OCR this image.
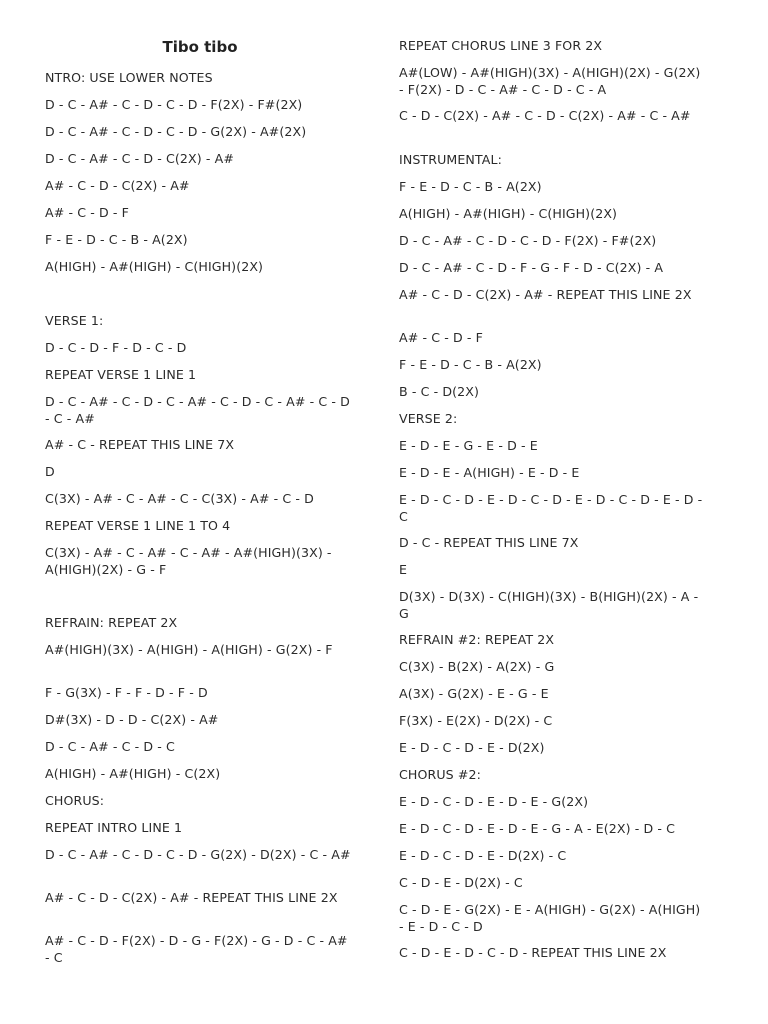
Tibo tibo
NTRO: USE LOWER NOTES
D - C - A# - C - D - C - D - F(2X) - F#(2X)
D - C - A# - C - D - C - D - G(2X) - A#(2X)
D - C - A# - C - D - C(2X) - A#
A# - C - D - C(2X) - A#
A# - C - D - F
F - E - D - C - B - A(2X)
A(HIGH) - A#(HIGH) - C(HIGH)(2X)
VERSE 1:
D - C - D - F - D - C - D
REPEAT VERSE 1 LINE 1
D - C - A# - C - D - C - A# - C - D - C - A# - C - D - C - A#
A# - C - REPEAT THIS LINE 7X
D
C(3X) - A# - C - A# - C - C(3X) - A# - C - D
REPEAT VERSE 1 LINE 1 TO 4
C(3X) - A# - C - A# - C - A# - A#(HIGH)(3X) - A(HIGH)(2X) - G - F
REFRAIN: REPEAT 2X
A#(HIGH)(3X) - A(HIGH) - A(HIGH) - G(2X) - F
F - G(3X) - F - F - D - F - D
D#(3X) - D - D - C(2X) - A#
D - C - A# - C - D - C
A(HIGH) - A#(HIGH) - C(2X)
CHORUS:
REPEAT INTRO LINE 1
D - C - A# - C - D - C - D - G(2X) - D(2X) - C - A#
A# - C - D - C(2X) - A# - REPEAT THIS LINE 2X
A# - C - D - F(2X) - D - G - F(2X) - G - D - C - A# - C
REPEAT CHORUS LINE 3 FOR 2X
A#(LOW) - A#(HIGH)(3X) - A(HIGH)(2X) - G(2X) - F(2X) - D - C - A# - C - D - C - A
C - D - C(2X) - A# - C - D - C(2X) - A# - C - A#
INSTRUMENTAL:
F - E - D - C - B - A(2X)
A(HIGH) - A#(HIGH) - C(HIGH)(2X)
D - C - A# - C - D - C - D - F(2X) - F#(2X)
D - C - A# - C - D - F - G - F - D - C(2X) - A
A# - C - D - C(2X) - A# - REPEAT THIS LINE 2X
A# - C - D - F
F - E - D - C - B - A(2X)
B - C - D(2X)
VERSE 2:
E - D - E - G - E - D - E
E - D - E - A(HIGH) - E - D - E
E - D - C - D - E - D - C - D - E - D - C - D - E - D - C
D - C - REPEAT THIS LINE 7X
E
D(3X) - D(3X) - C(HIGH)(3X) - B(HIGH)(2X) - A - G
REFRAIN #2: REPEAT 2X
C(3X) - B(2X) - A(2X) - G
A(3X) - G(2X) - E - G - E
F(3X) - E(2X) - D(2X) - C
E - D - C - D - E - D(2X)
CHORUS #2:
E - D - C - D - E - D - E - G(2X)
E - D - C - D - E - D - E - G - A - E(2X) - D - C
E - D - C - D - E - D(2X) - C
C - D - E - D(2X) - C
C - D - E - G(2X) - E - A(HIGH) - G(2X) - A(HIGH) - E - D - C - D
C - D - E - D - C - D - REPEAT THIS LINE 2X
